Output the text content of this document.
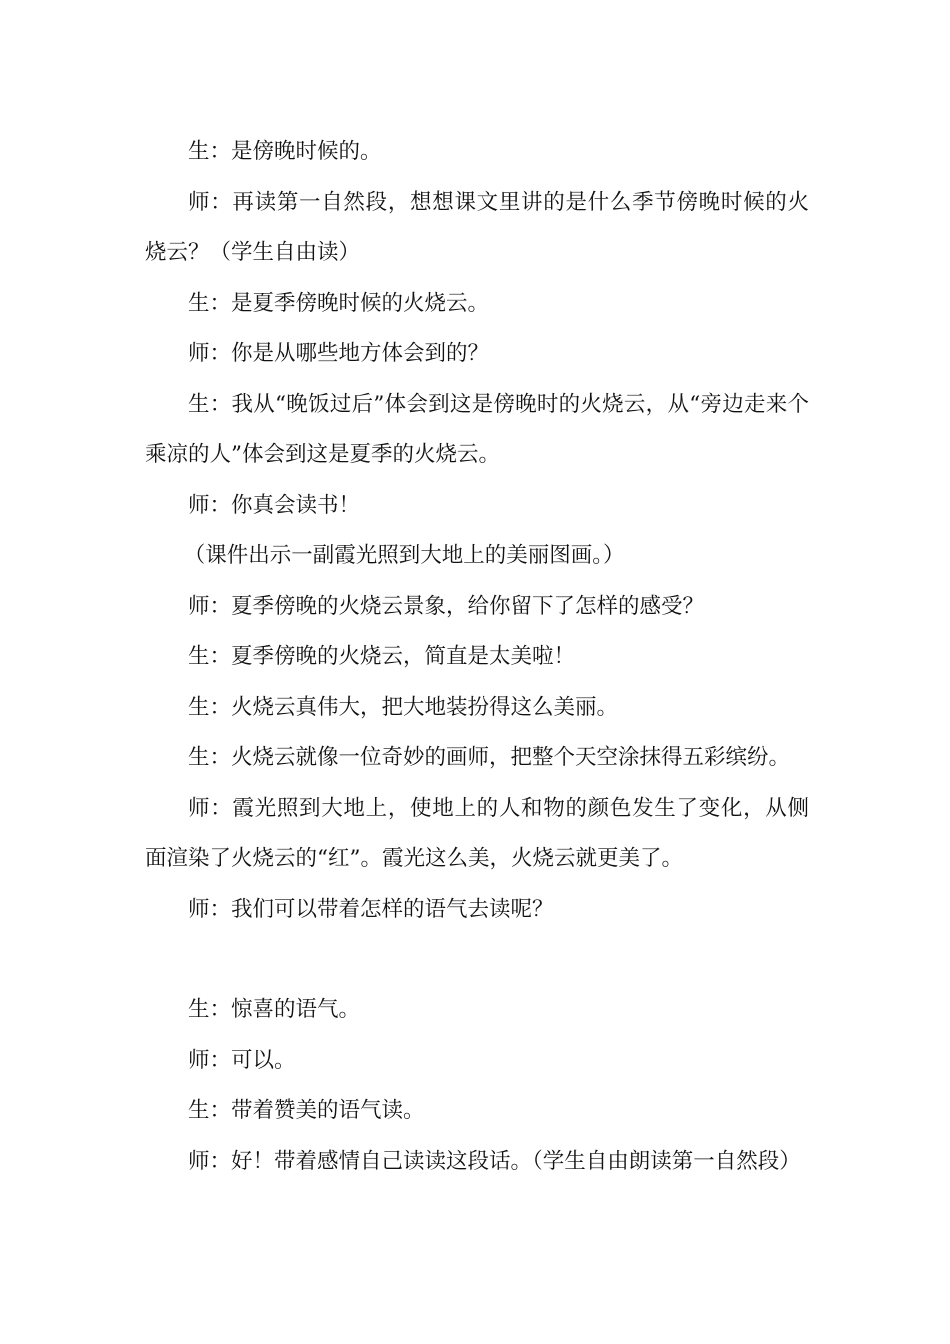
生：是傍晚时候的。

师：再读第一自然段，想想课文里讲的是什么季节傍晚时候的火烧云？（学生自由读）

生：是夏季傍晚时候的火烧云。

师：你是从哪些地方体会到的？

生：我从“晚饭过后”体会到这是傍晚时的火烧云，从“旁边走来个乘凉的人”体会到这是夏季的火烧云。

师：你真会读书！

（课件出示一副霞光照到大地上的美丽图画。）

师：夏季傍晚的火烧云景象，给你留下了怎样的感受？

生：夏季傍晚的火烧云，简直是太美啦！

生：火烧云真伟大，把大地装扮得这么美丽。

生：火烧云就像一位奇妙的画师，把整个天空涂抹得五彩缤纷。

师：霞光照到大地上，使地上的人和物的颜色发生了变化，从侧面渲染了火烧云的“红”。霞光这么美，火烧云就更美了。

师：我们可以带着怎样的语气去读呢？

生：惊喜的语气。

师：可以。

生：带着赞美的语气读。

师：好！带着感情自己读读这段话。（学生自由朗读第一自然段）
